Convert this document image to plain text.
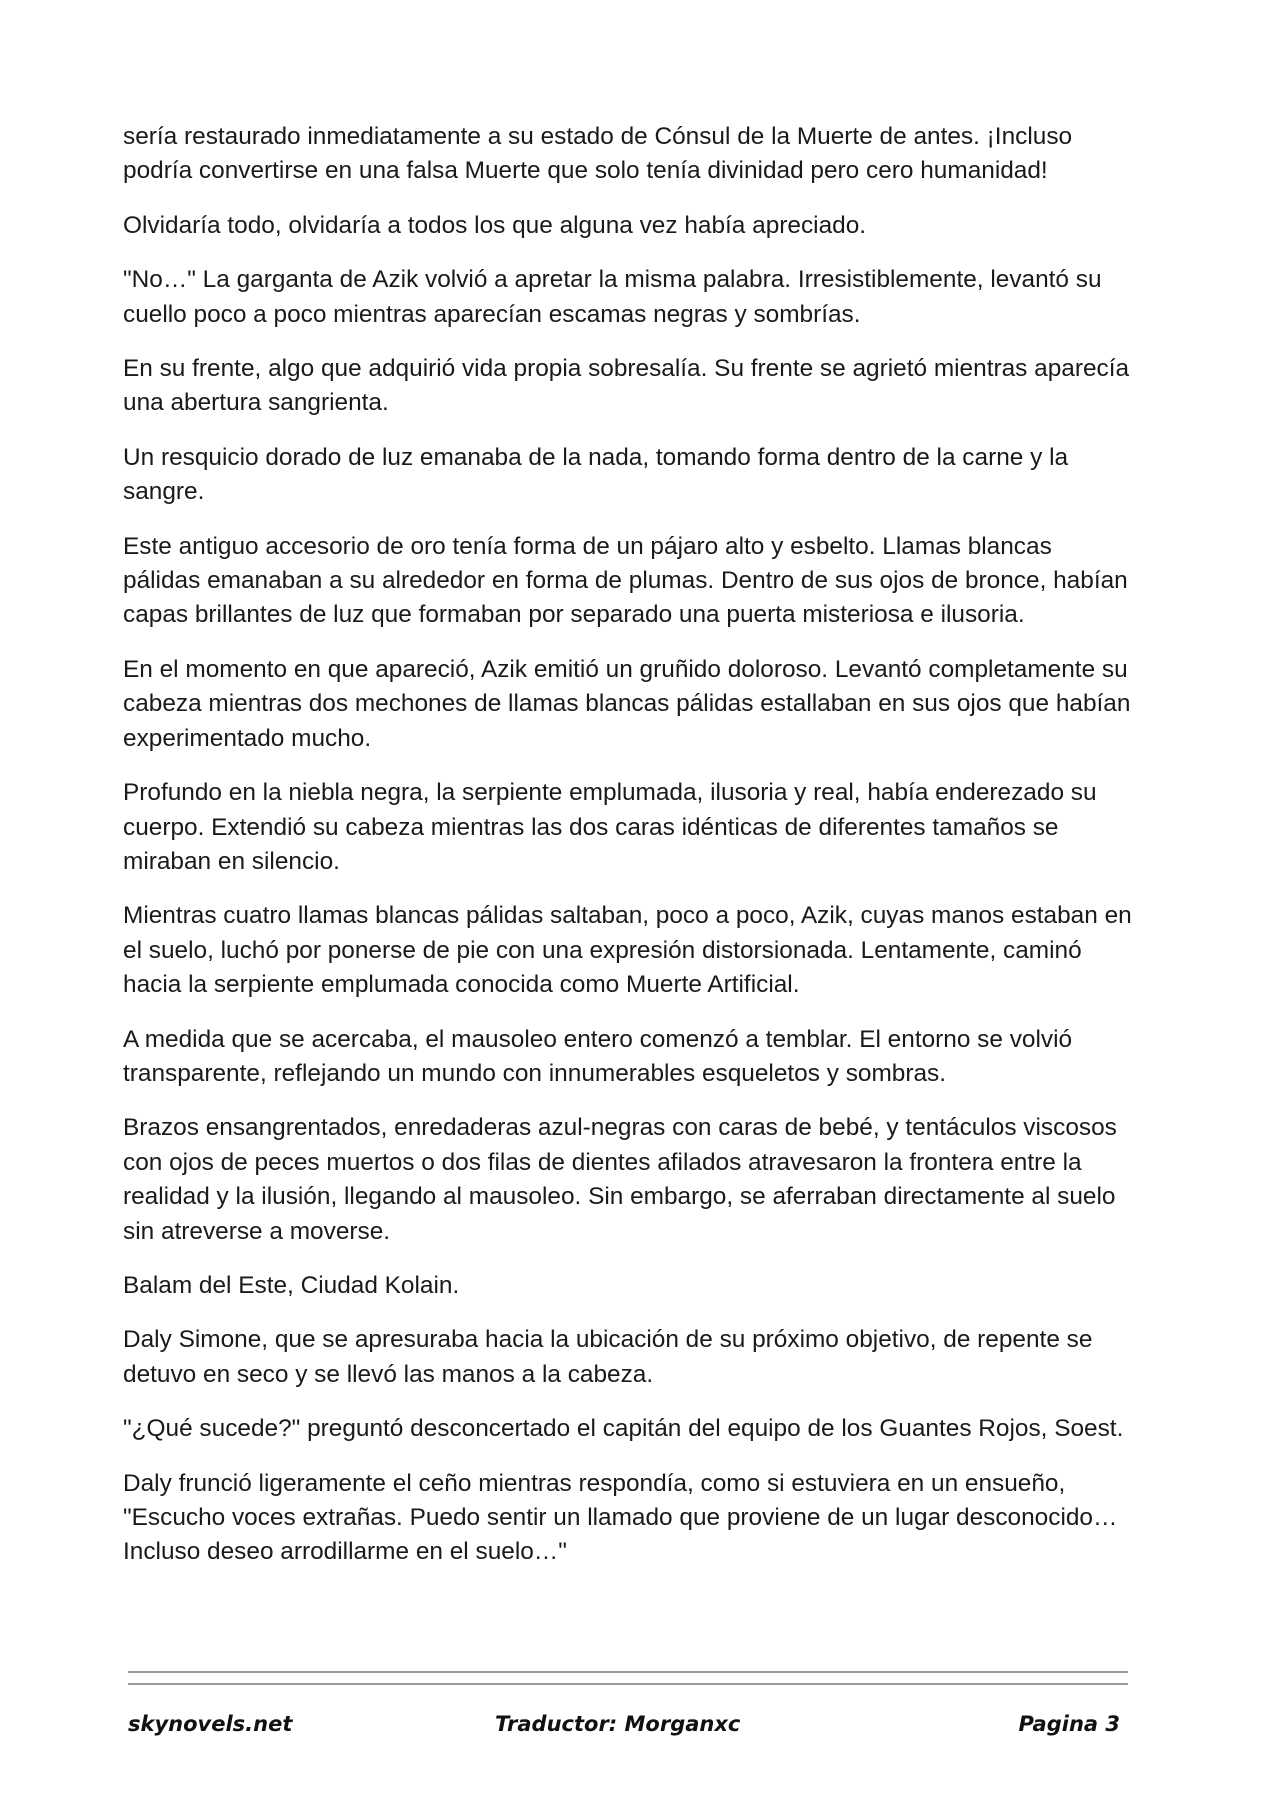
sería restaurado inmediatamente a su estado de Cónsul de la Muerte de antes. ¡Incluso podría convertirse en una falsa Muerte que solo tenía divinidad pero cero humanidad!

Olvidaría todo, olvidaría a todos los que alguna vez había apreciado.

"No…" La garganta de Azik volvió a apretar la misma palabra. Irresistiblemente, levantó su cuello poco a poco mientras aparecían escamas negras y sombrías.

En su frente, algo que adquirió vida propia sobresalía. Su frente se agrietó mientras aparecía una abertura sangrienta.

Un resquicio dorado de luz emanaba de la nada, tomando forma dentro de la carne y la sangre.

Este antiguo accesorio de oro tenía forma de un pájaro alto y esbelto. Llamas blancas pálidas emanaban a su alrededor en forma de plumas. Dentro de sus ojos de bronce, habían capas brillantes de luz que formaban por separado una puerta misteriosa e ilusoria.

En el momento en que apareció, Azik emitió un gruñido doloroso. Levantó completamente su cabeza mientras dos mechones de llamas blancas pálidas estallaban en sus ojos que habían experimentado mucho.

Profundo en la niebla negra, la serpiente emplumada, ilusoria y real, había enderezado su cuerpo. Extendió su cabeza mientras las dos caras idénticas de diferentes tamaños se miraban en silencio.

Mientras cuatro llamas blancas pálidas saltaban, poco a poco, Azik, cuyas manos estaban en el suelo, luchó por ponerse de pie con una expresión distorsionada. Lentamente, caminó hacia la serpiente emplumada conocida como Muerte Artificial.

A medida que se acercaba, el mausoleo entero comenzó a temblar. El entorno se volvió transparente, reflejando un mundo con innumerables esqueletos y sombras.

Brazos ensangrentados, enredaderas azul-negras con caras de bebé, y tentáculos viscosos con ojos de peces muertos o dos filas de dientes afilados atravesaron la frontera entre la realidad y la ilusión, llegando al mausoleo. Sin embargo, se aferraban directamente al suelo sin atreverse a moverse.

Balam del Este, Ciudad Kolain.

Daly Simone, que se apresuraba hacia la ubicación de su próximo objetivo, de repente se detuvo en seco y se llevó las manos a la cabeza.

"¿Qué sucede?" preguntó desconcertado el capitán del equipo de los Guantes Rojos, Soest.

Daly frunció ligeramente el ceño mientras respondía, como si estuviera en un ensueño, "Escucho voces extrañas. Puedo sentir un llamado que proviene de un lugar desconocido… Incluso deseo arrodillarme en el suelo…"

skynovels.net	Traductor: Morganxc	Pagina 3
